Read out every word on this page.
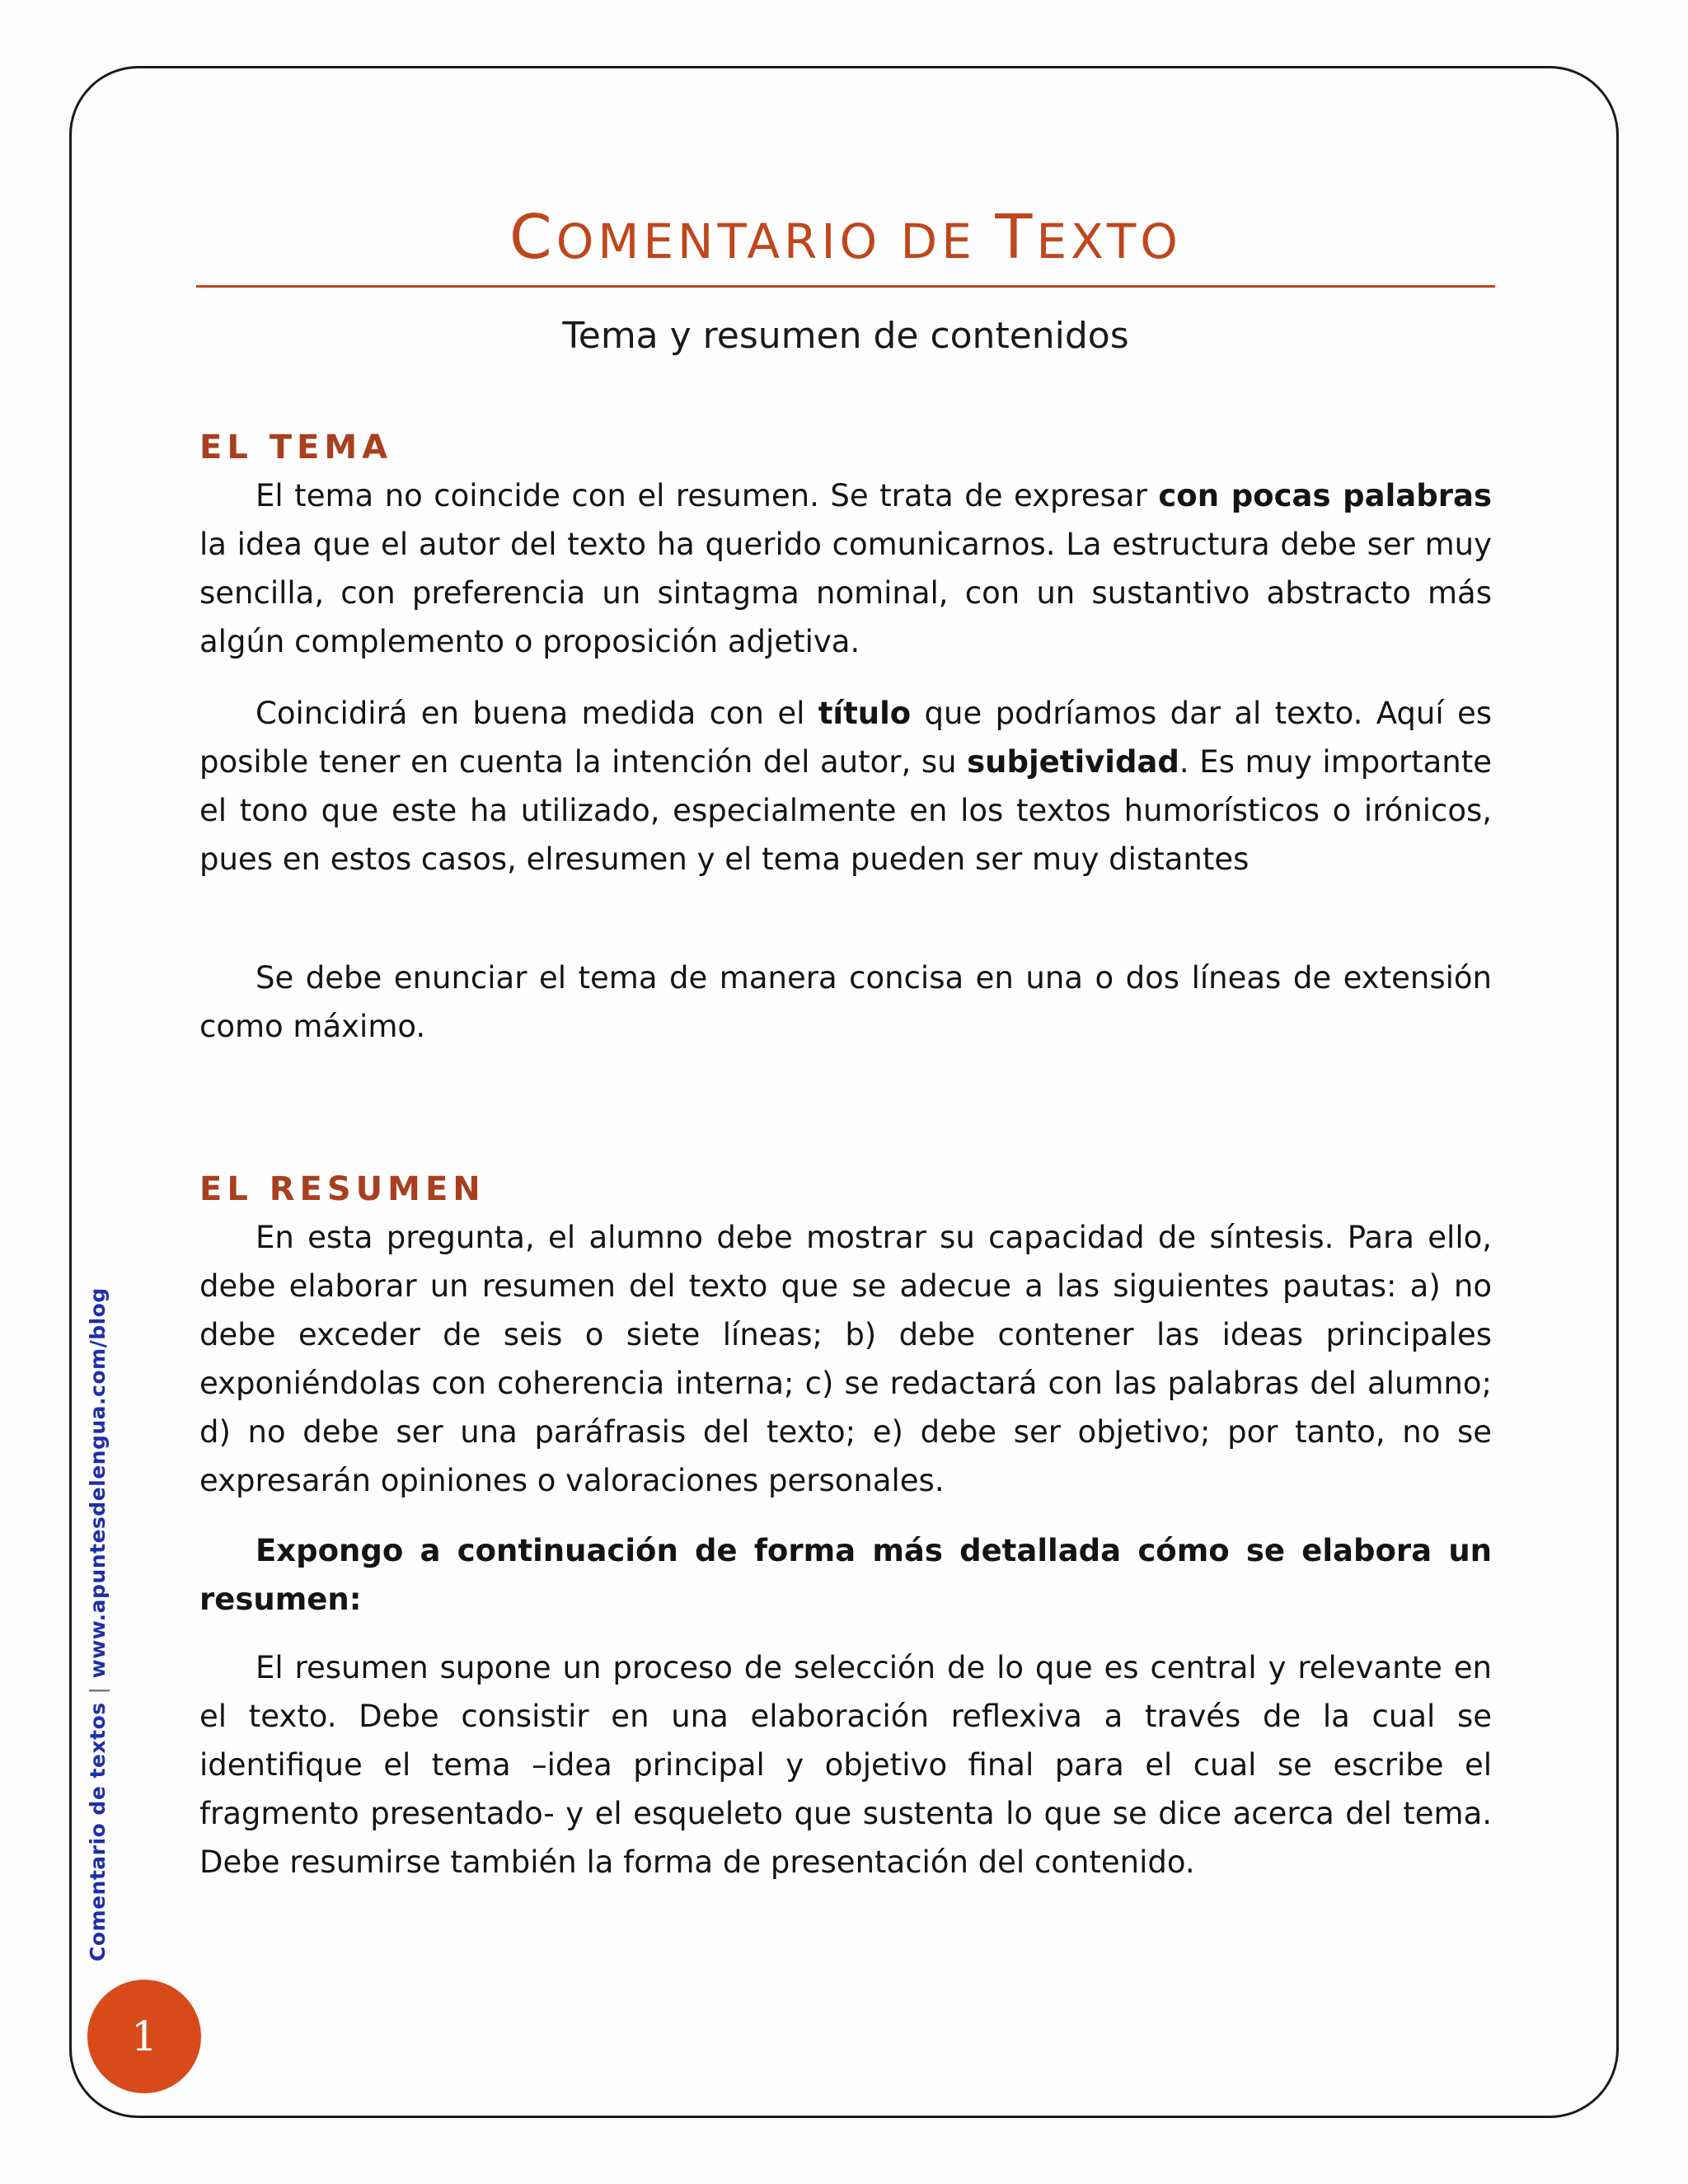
COMENTARIO DE TEXTO

Tema y resumen de contenidos

EL TEMA

El tema no coincide con el resumen. Se trata de expresar con pocas palabras la idea que el autor del texto ha querido comunicarnos. La estructura debe ser muy sencilla, con preferencia un sintagma nominal, con un sustantivo abstracto más algún complemento o proposición adjetiva.

Coincidirá en buena medida con el título que podríamos dar al texto. Aquí es posible tener en cuenta la intención del autor, su subjetividad. Es muy importante el tono que este ha utilizado, especialmente en los textos humorísticos o irónicos, pues en estos casos, elresumen y el tema pueden ser muy distantes

Se debe enunciar el tema de manera concisa en una o dos líneas de extensión como máximo.

EL RESUMEN

En esta pregunta, el alumno debe mostrar su capacidad de síntesis. Para ello, debe elaborar un resumen del texto que se adecue a las siguientes pautas: a) no debe exceder de seis o siete líneas; b) debe contener las ideas principales exponiéndolas con coherencia interna; c) se redactará con las palabras del alumno; d) no debe ser una paráfrasis del texto; e) debe ser objetivo; por tanto, no se expresarán opiniones o valoraciones personales.

Expongo a continuación de forma más detallada cómo se elabora un resumen:

El resumen supone un proceso de selección de lo que es central y relevante en el texto. Debe consistir en una elaboración reflexiva a través de la cual se identifique el tema –idea principal y objetivo final para el cual se escribe el fragmento presentado- y el esqueleto que sustenta lo que se dice acerca del tema. Debe resumirse también la forma de presentación del contenido.

Comentario de textos|www.apuntesdelengua.com/blog
1
